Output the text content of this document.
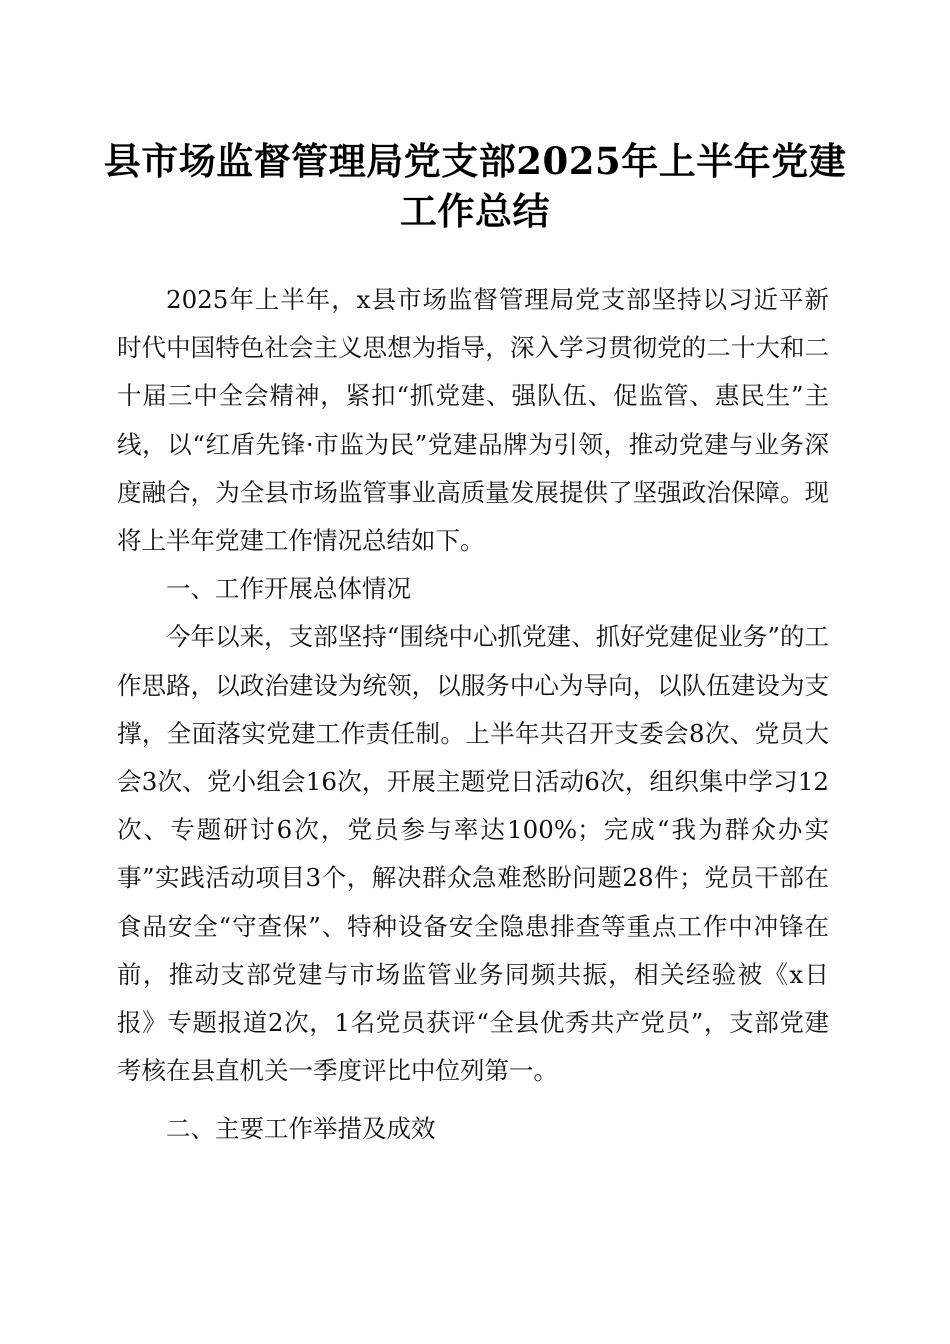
县市场监督管理局党支部2025年上半年党建
工作总结

2025年上半年，x县市场监督管理局党支部坚持以习近平新时代中国特色社会主义思想为指导，深入学习贯彻党的二十大和二十届三中全会精神，紧扣“抓党建、强队伍、促监管、惠民生”主线，以“红盾先锋·市监为民”党建品牌为引领，推动党建与业务深度融合，为全县市场监管事业高质量发展提供了坚强政治保障。现将上半年党建工作情况总结如下。

一、工作开展总体情况

今年以来，支部坚持“围绕中心抓党建、抓好党建促业务”的工作思路，以政治建设为统领，以服务中心为导向，以队伍建设为支撑，全面落实党建工作责任制。上半年共召开支委会8次、党员大会3次、党小组会16次，开展主题党日活动6次，组织集中学习12次、专题研讨6次，党员参与率达100%；完成“我为群众办实事”实践活动项目3个，解决群众急难愁盼问题28件；党员干部在食品安全“守查保”、特种设备安全隐患排查等重点工作中冲锋在前，推动支部党建与市场监管业务同频共振，相关经验被《x日报》专题报道2次，1名党员获评“全县优秀共产党员”，支部党建考核在县直机关一季度评比中位列第一。

二、主要工作举措及成效
